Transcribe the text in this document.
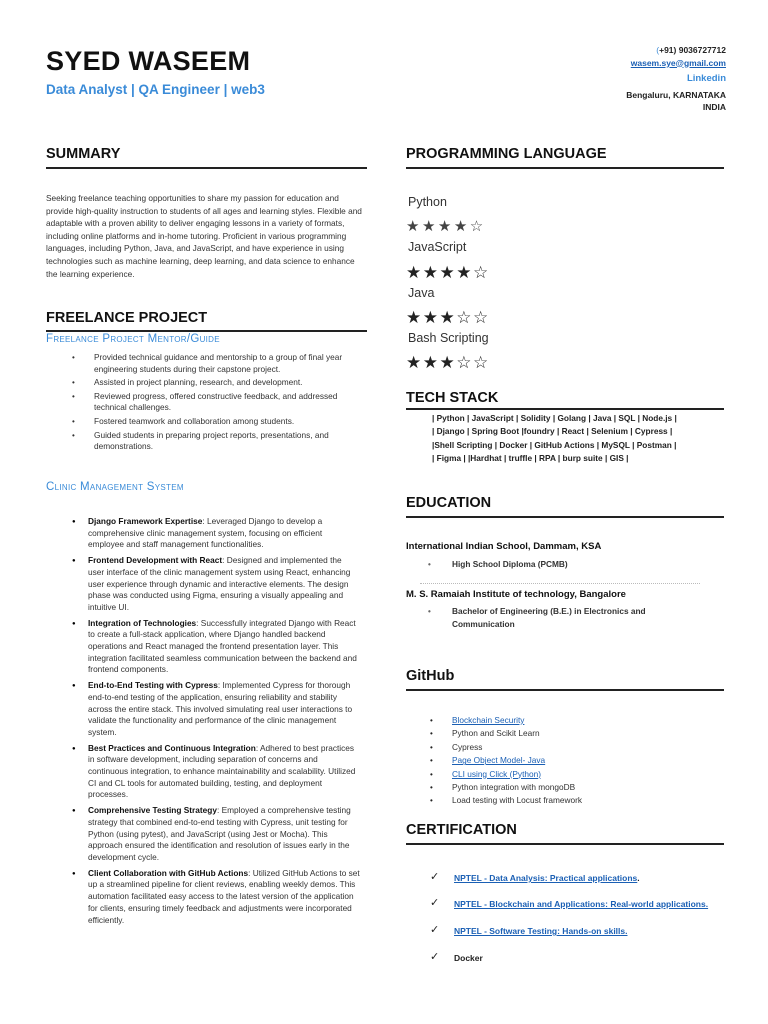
SYED WASEEM
Data Analyst | QA Engineer | web3
(+91) 9036727712
wasem.sye@gmail.com
Linkedin
Bengaluru, KARNATAKA
INDIA
SUMMARY
Seeking freelance teaching opportunities to share my passion for education and provide high-quality instruction to students of all ages and learning styles. Flexible and adaptable with a proven ability to deliver engaging lessons in a variety of formats, including online platforms and in-home tutoring. Proficient in various programming languages, including Python, Java, and JavaScript, and have experience in using technologies such as machine learning, deep learning, and data science to enhance the learning experience.
FREELANCE PROJECT
Freelance Project Mentor/Guide
• Provided technical guidance and mentorship to a group of final year engineering students during their capstone project.
• Assisted in project planning, research, and development.
• Reviewed progress, offered constructive feedback, and addressed technical challenges.
• Fostered teamwork and collaboration among students.
• Guided students in preparing project reports, presentations, and demonstrations.
Clinic Management System
● Django Framework Expertise: Leveraged Django to develop a comprehensive clinic management system, focusing on efficient employee and staff management functionalities.
● Frontend Development with React: Designed and implemented the user interface of the clinic management system using React, enhancing user experience through dynamic and interactive elements. The design phase was conducted using Figma, ensuring a visually appealing and intuitive UI.
● Integration of Technologies: Successfully integrated Django with React to create a full-stack application, where Django handled backend operations and React managed the frontend presentation layer. This integration facilitated seamless communication between the backend and frontend components.
● End-to-End Testing with Cypress: Implemented Cypress for thorough end-to-end testing of the application, ensuring reliability and stability across the entire stack. This involved simulating real user interactions to validate the functionality and performance of the clinic management system.
● Best Practices and Continuous Integration: Adhered to best practices in software development, including separation of concerns and continuous integration, to enhance maintainability and scalability. Utilized CI and CL tools for automated building, testing, and deployment processes.
● Comprehensive Testing Strategy: Employed a comprehensive testing strategy that combined end-to-end testing with Cypress, unit testing for Python (using pytest), and JavaScript (using Jest or Mocha). This approach ensured the identification and resolution of issues early in the development cycle.
● Client Collaboration with GitHub Actions: Utilized GitHub Actions to set up a streamlined pipeline for client reviews, enabling weekly demos. This automation facilitated easy access to the latest version of the application for clients, ensuring timely feedback and adjustments were incorporated efficiently.
PROGRAMMING LANGUAGE
Python
★★★★☆
JavaScript
★★★★☆
Java
★★★☆☆
Bash Scripting
★★★☆☆
TECH STACK
| Python | JavaScript | Solidity | Golang | Java | SQL | Node.js |
| Django | Spring Boot |foundry | React | Selenium | Cypress |
|Shell Scripting | Docker | GitHub Actions | MySQL | Postman |
| Figma | |Hardhat | truffle | RPA | burp suite | GIS |
EDUCATION
International Indian School, Dammam, KSA
• High School Diploma (PCMB)
M. S. Ramaiah Institute of technology, Bangalore
• Bachelor of Engineering (B.E.) in Electronics and Communication
GitHub
• Blockchain Security
• Python and Scikit Learn
• Cypress
• Page Object Model- Java
• CLI using Click (Python)
• Python integration with mongoDB
• Load testing with Locust framework
CERTIFICATION
✓ NPTEL - Data Analysis: Practical applications.
✓ NPTEL - Blockchain and Applications: Real-world applications.
✓ NPTEL - Software Testing: Hands-on skills.
✓ Docker
